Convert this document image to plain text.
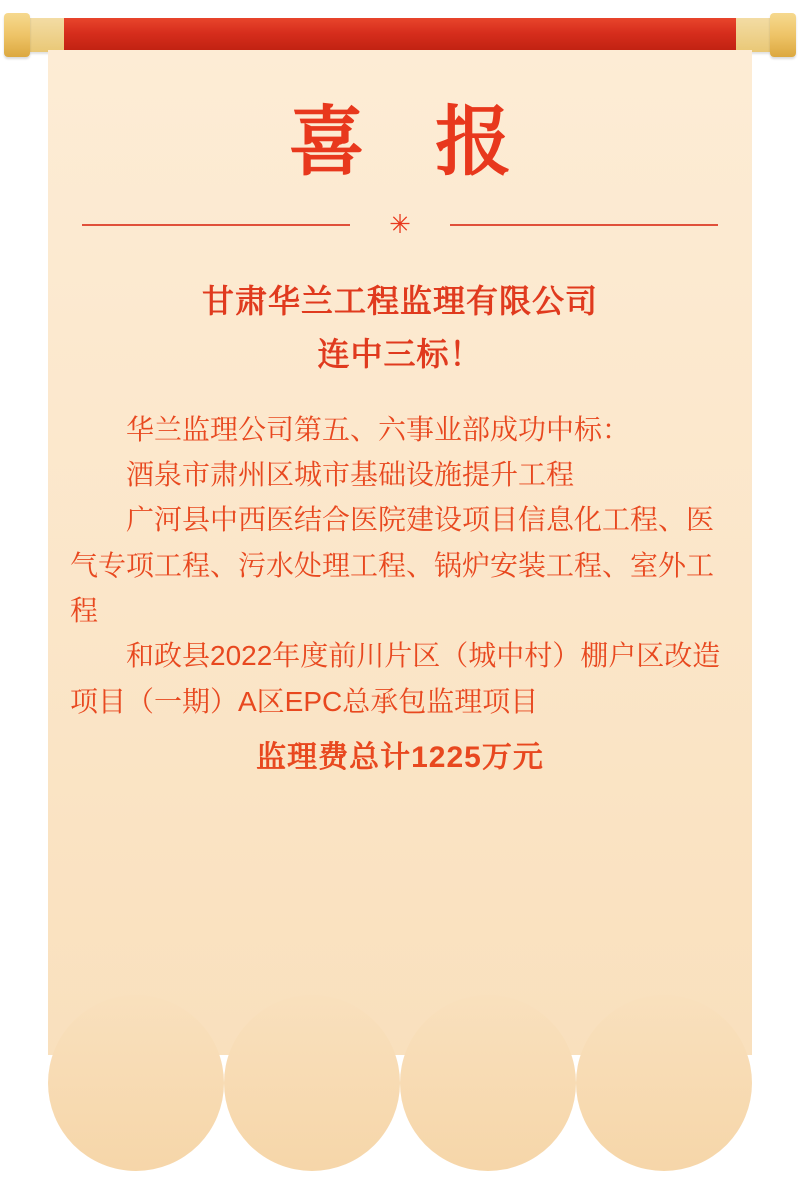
喜 报
✳
甘肃华兰工程监理有限公司
连中三标！

华兰监理公司第五、六事业部成功中标：

酒泉市肃州区城市基础设施提升工程

广河县中西医结合医院建设项目信息化工程、医气专项工程、污水处理工程、锅炉安装工程、室外工程

和政县2022年度前川片区（城中村）棚户区改造项目（一期）A区EPC总承包监理项目

监理费总计1225万元
